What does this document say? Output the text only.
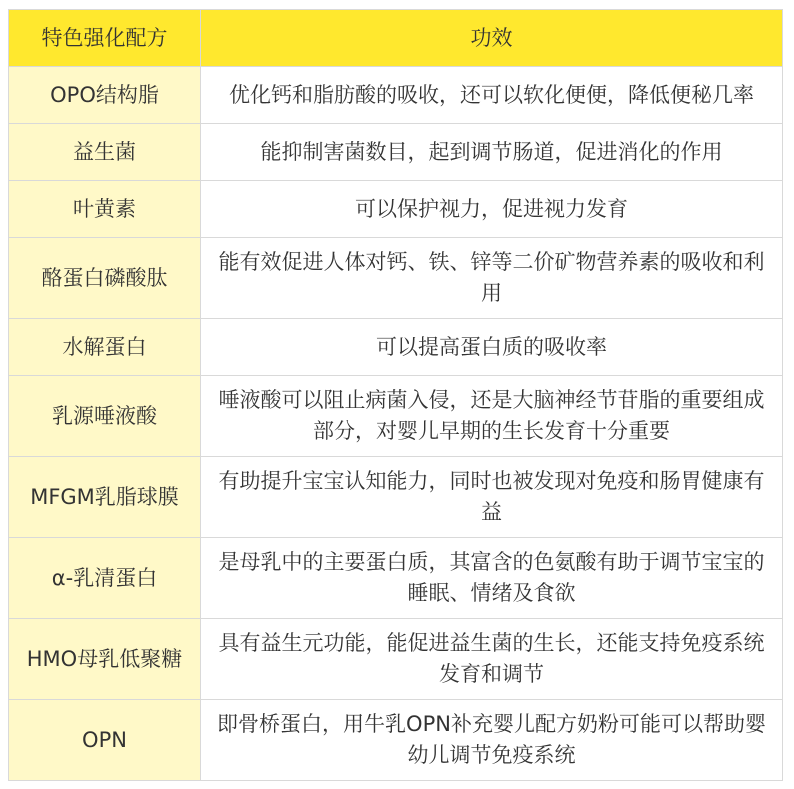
特色强化配方	功效
OPO结构脂	优化钙和脂肪酸的吸收，还可以软化便便，降低便秘几率
益生菌	能抑制害菌数目，起到调节肠道，促进消化的作用
叶黄素	可以保护视力，促进视力发育
酪蛋白磷酸肽	能有效促进人体对钙、铁、锌等二价矿物营养素的吸收和利用
水解蛋白	可以提高蛋白质的吸收率
乳源唾液酸	唾液酸可以阻止病菌入侵，还是大脑神经节苷脂的重要组成部分，对婴儿早期的生长发育十分重要
MFGM乳脂球膜	有助提升宝宝认知能力，同时也被发现对免疫和肠胃健康有益
α-乳清蛋白	是母乳中的主要蛋白质，其富含的色氨酸有助于调节宝宝的睡眠、情绪及食欲
HMO母乳低聚糖	具有益生元功能，能促进益生菌的生长，还能支持免疫系统发育和调节
OPN	即骨桥蛋白，用牛乳OPN补充婴儿配方奶粉可能可以帮助婴幼儿调节免疫系统
